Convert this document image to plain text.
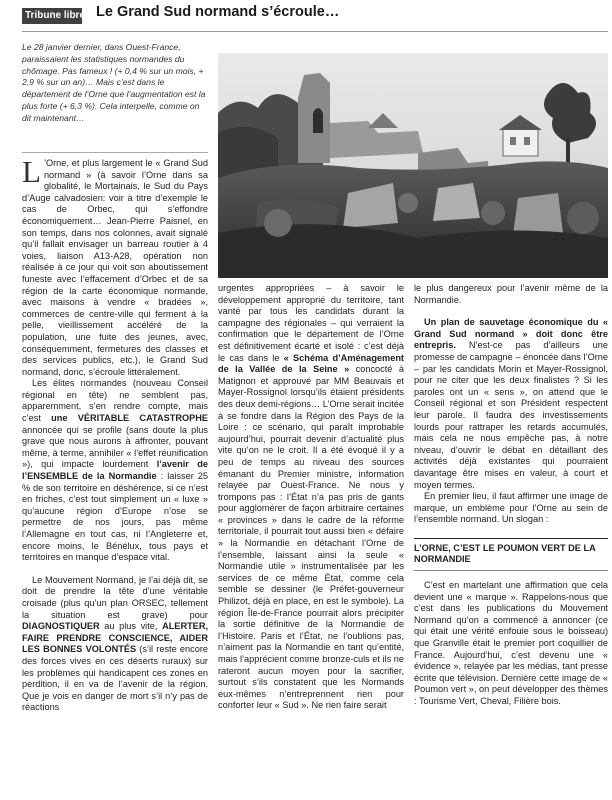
Tribune libre Le Grand Sud normand s’écroule…
Le 28 janvier dernier, dans Ouest-France, paraissaient les statistiques normandes du chômage. Pas fameux ! (+ 0,4 % sur un mois, + 2,9 % sur un an)… Mais c’est dans le département de l’Orne que l’augmentation est la plus forte (+ 6,3 %). Cela interpelle, comme on dit maintenant…

L ’Orne, et plus largement le « Grand Sud normand » (à savoir l’Orne dans sa globalité, le Mortainais, le Sud du Pays d’Auge calvadosien: voir à titre d’exemple le cas de Orbec, qui s’effondre économiquement… Jean-Pierre Paisnel, en son temps, dans nos colonnes, avait signalé qu’il fallait envisager un barreau routier à 4 voies, liaison A13-A28, opération non réalisée à ce jour qui voit son aboutissement funeste avec l’effacement d’Orbec et de sa région de la carte économique normande, avec maisons à vendre « bradées », commerces de centre-ville qui ferment à la pelle, vieillissement accéléré de la population, une fuite des jeunes, avec, conséquemment, fermetures des classes et des services publics, etc.), le Grand Sud normand, donc, s’écroule littéralement.

Les élites normandes (nouveau Conseil régional en tête) ne semblent pas, apparemment, s’en rendre compte, mais c’est une VÉRITABLE CATASTROPHE annoncée qui se profile (sans doute la plus grave que nous aurons à affronter, pouvant même, à terme, annihiler « l’effet réunification »), qui impacte lourdement l’avenir de l’ENSEMBLE de la Normandie : laisser 25 % de son territoire en déshérence, si ce n’est en friches, c’est tout simplement un « luxe » qu’aucune région d’Europe n’ose se permettre de nos jours, pas même l’Allemagne en tout cas, ni l’Angleterre et, encore moins, le Bénélux, tous pays et territoires en manque d’espace vital.

Le Mouvement Normand, je l’ai déjà dit, se doit de prendre la tête d’une véritable croisade (plus qu’un plan ORSEC, tellement la situation est grave) pour DIAGNOSTIQUER au plus vite, ALERTER, FAIRE PRENDRE CONSCIENCE, AIDER LES BONNES VOLONTÉS (s’il reste encore des forces vives en ces déserts ruraux) sur les problèmes qui handicapent ces zones en perdition, il en va de l’avenir de la région. Que je vois en danger de mort s’il n’y pas de réactions

urgentes appropriées – à savoir le développement approprié du territoire, tant vanté par tous les candidats durant la campagne des régionales – qui verraient la confirmation que le département de l’Orne est définitivement écarté et isolé : c’est déjà le cas dans le « Schéma d’Aménagement de la Vallée de la Seine » concocté à Matignon et approuvé par MM Beauvais et Mayer-Rossignol lorsqu’ils étaient présidents des deux demi-régions… L’Orne serait incitée à se fondre dans la Région des Pays de la Loire : ce scénario, qui paraît improbable aujourd’hui, pourrait devenir d’actualité plus vite qu’on ne le croit. Il a été évoqué il y a peu de temps au niveau des sources émanant du Premier ministre, information relayée par Ouest-France. Ne nous y trompons pas : l’État n’a pas pris de gants pour agglomérer de façon arbitraire certaines « provinces » dans le cadre de la réforme territoriale, il pourrait tout aussi bien « défaire » la Normandie en détachant l’Orne de l’ensemble, laissant ainsi la seule « Normandie utile » instrumentalisée par les services de ce même État, comme cela semble se dessiner (le Préfet-gouverneur Philizot, déjà en place, en est le symbole). La région Île-de-France pourrait alors précipiter la sortie définitive de la Normandie de l’Histoire. Paris et l’État, ne l’oublions pas, n’aiment pas la Normandie en tant qu’entité, mais l’apprécient comme bronze-culs et ils ne rateront aucun moyen pour la sacrifier, surtout s’ils constatent que les Normands eux-mêmes n’entreprennent rien pour conforter leur « Sud ». Ne rien faire serait

le plus dangereux pour l’avenir même de la Normandie.

Un plan de sauvetage économique du « Grand Sud normand » doit donc être entrepris. N’est-ce pas d’ailleurs une promesse de campagne – énoncée dans l’Orne – par les candidats Morin et Mayer-Rossignol, pour ne citer que les deux finalistes ? Si les paroles ont un « sens », on attend que le Conseil régional et son Président respectent leur parole. Il faudra des investissements lourds pour rattraper les retards accumulés, mais cela ne nous empêche pas, à notre niveau, d’ouvrir le débat en détaillant des activités déjà existantes qui pourraient davantage être mises en valeur, à court et moyen termes.

En premier lieu, il faut affirmer une image de marque, un emblème pour l’Orne au sein de l’ensemble normand. Un slogan :

L’ORNE, C’EST LE POUMON VERT DE LA NORMANDIE

C’est en martelant une affirmation que cela devient une « marque ». Rappelons-nous que c’est dans les publications du Mouvement Normand qu’on a commencé à annoncer (ce qui était une vérité enfouie sous le boisseau) que Granville était le premier port coquillier de France. Aujourd’hui, c’est devenu une « évidence », relayée par les médias, tant presse écrite que télévision. Dernière cette image de « Poumon vert », on peut développer des thèmes : Tourisme Vert, Cheval, Filière bois.
